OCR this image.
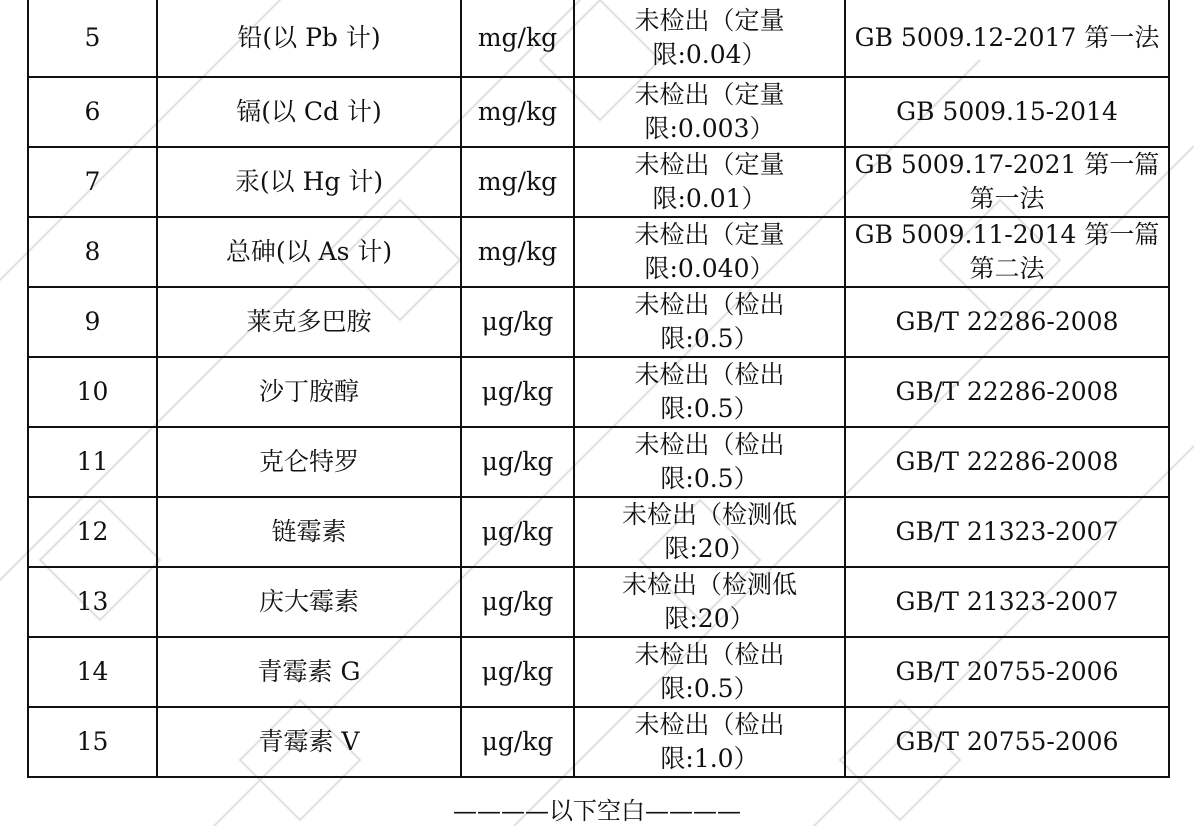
5	铅(以 Pb 计)	mg/kg	未检出（定量
限:0.04）	GB 5009.12-2017 第一法

6	镉(以 Cd 计)	mg/kg	未检出（定量
限:0.003）	GB 5009.15-2014

7	汞(以 Hg 计)	mg/kg	未检出（定量
限:0.01）	GB 5009.17-2021 第一篇
第一法

8	总砷(以 As 计)	mg/kg	未检出（定量
限:0.040）	GB 5009.11-2014 第一篇
第二法

9	莱克多巴胺	μg/kg	未检出（检出
限:0.5）	GB/T 22286-2008

10	沙丁胺醇	μg/kg	未检出（检出
限:0.5）	GB/T 22286-2008

11	克仑特罗	μg/kg	未检出（检出
限:0.5）	GB/T 22286-2008

12	链霉素	μg/kg	未检出（检测低
限:20）	GB/T 21323-2007

13	庆大霉素	μg/kg	未检出（检测低
限:20）	GB/T 21323-2007

14	青霉素 G	μg/kg	未检出（检出
限:0.5）	GB/T 20755-2006

15	青霉素 V	μg/kg	未检出（检出
限:1.0）	GB/T 20755-2006
————以下空白————
